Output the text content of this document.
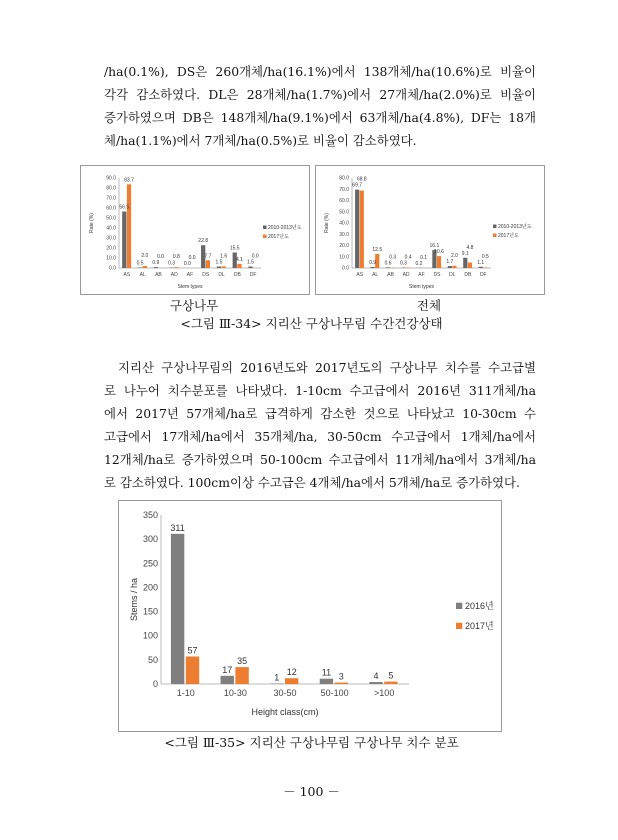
/ha(0.1%), DS은 260개체/ha(16.1%)에서 138개체/ha(10.6%)로 비율이
각각 감소하였다. DL은 28개체/ha(1.7%)에서 27개체/ha(2.0%)로 비율이
증가하였으며 DB은 148개체/ha(9.1%)에서 63개체/ha(4.8%), DF는 18개
체/ha(1.1%)에서 7개체/ha(0.5%)로 비율이 감소하였다.
0.0
10.0
20.0
30.0
40.0
50.0
60.0
70.0
80.0
90.0
AS
56.5
83.7
AL
0.5
2.0
AB
0.9
0.0
AD
0.3
0.8
AF
0.0
0.0
DS
22.8
7.7
DL
1.5
1.6
DB
15.5
4.1
DF
1.5
0.0
Stem types
Rate (%)	2010-2013년도
2017년도
0.0
10.0
20.0
30.0
40.0
50.0
60.0
70.0
80.0
AS
69.7
68.8
AL
0.9
12.5
AB
0.6
0.3
AD
0.3
0.4
AF
0.2
0.1
DS
16.1
10.6
DL
1.7
2.0
DB
9.1
4.8
DF
1.1
0.5
Stem types
Rate (%)	2010-2013년도
2017년도
구상나무	전체
<그림 Ⅲ-34> 지리산 구상나무림 수간건강상태
지리산 구상나무림의 2016년도와 2017년도의 구상나무 치수를 수고급별
로 나누어 치수분포를 나타냈다. 1-10cm 수고급에서 2016년 311개체/ha
에서 2017년 57개체/ha로 급격하게 감소한 것으로 나타났고 10-30cm 수
고급에서 17개체/ha에서 35개체/ha, 30-50cm 수고급에서 1개체/ha에서
12개체/ha로 증가하였으며 50-100cm 수고급에서 11개체/ha에서 3개체/ha
로 감소하였다. 100cm이상 수고급은 4개체/ha에서 5개체/ha로 증가하였다.
0
50
100
150
200
250
300
350
1-10
311
57
10-30
17
35
30-50
1
12
50-100
11 3
>100
4 5
Height class(cm)
Stems / ha	2016년
2017년
<그림 Ⅲ-35> 지리산 구상나무림 구상나무 치수 분포
－ 100 －
